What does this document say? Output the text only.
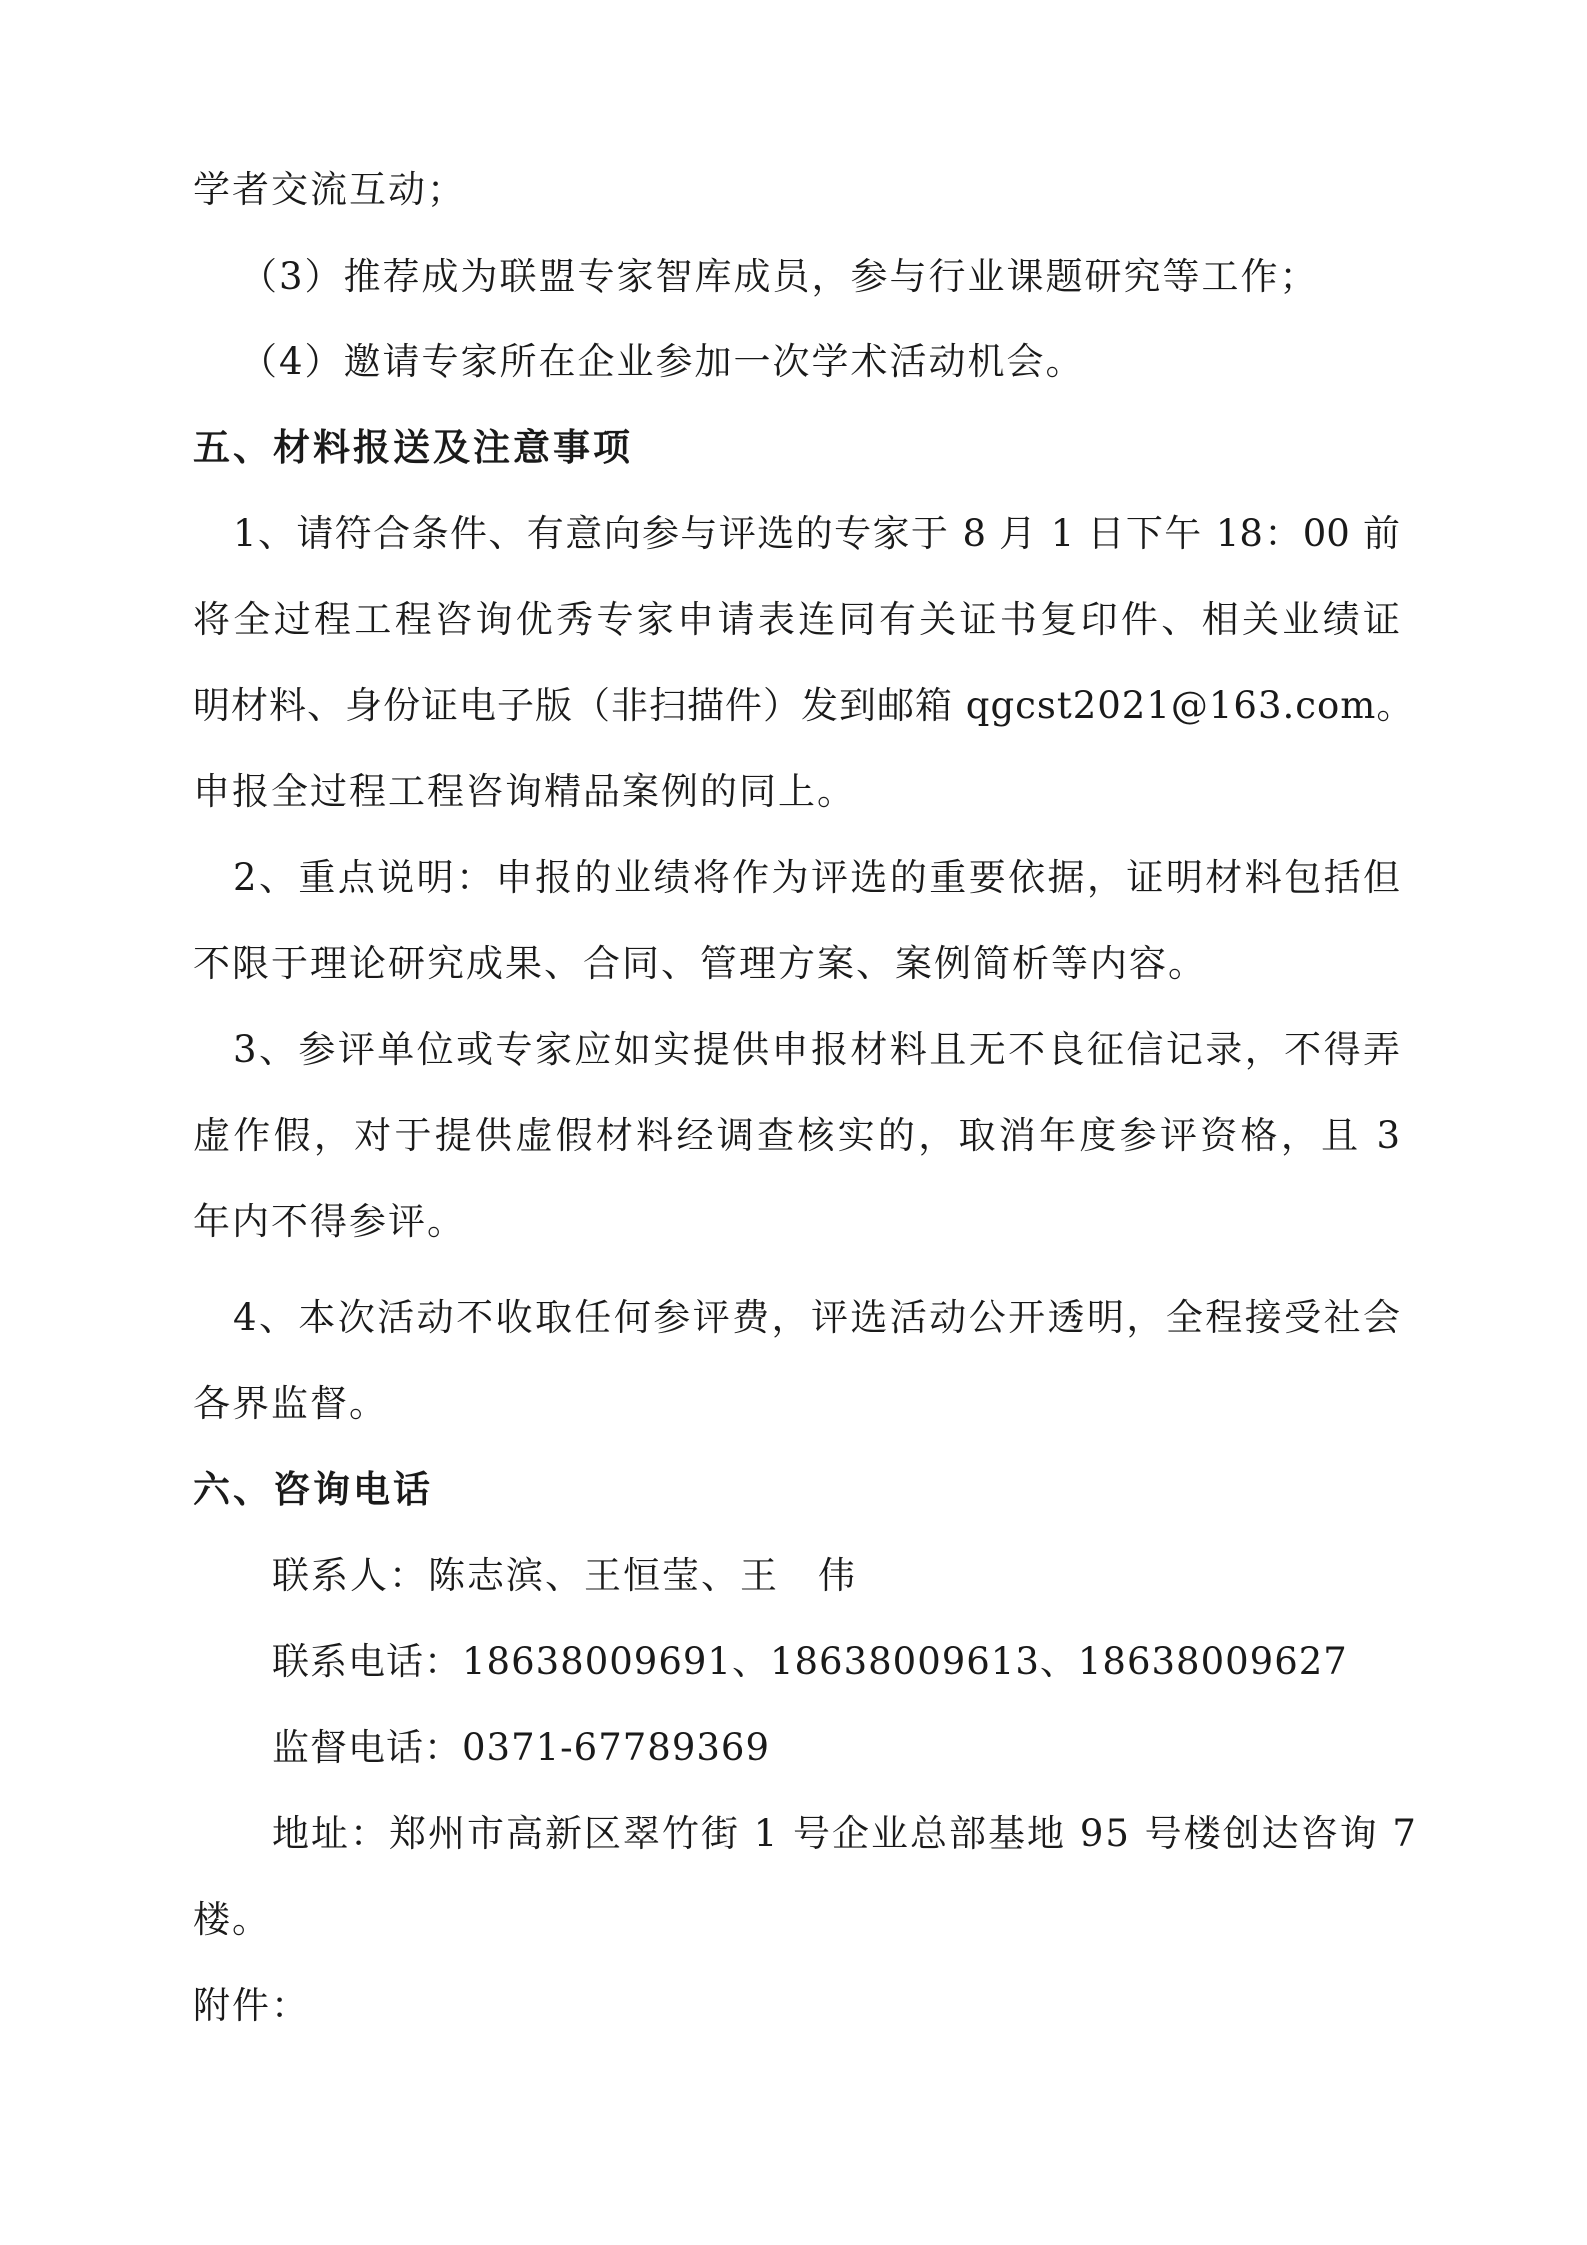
学者交流互动；
（3）推荐成为联盟专家智库成员，参与行业课题研究等工作；
（4）邀请专家所在企业参加一次学术活动机会。
五、材料报送及注意事项
1、请符合条件、有意向参与评选的专家于 8 月 1 日下午 18：00 前
将全过程工程咨询优秀专家申请表连同有关证书复印件、相关业绩证
明材料、身份证电子版（非扫描件）发到邮箱 qgcst2021@163.com。
申报全过程工程咨询精品案例的同上。
2、重点说明：申报的业绩将作为评选的重要依据，证明材料包括但
不限于理论研究成果、合同、管理方案、案例简析等内容。
3、参评单位或专家应如实提供申报材料且无不良征信记录，不得弄
虚作假，对于提供虚假材料经调查核实的，取消年度参评资格，且 3
年内不得参评。
4、本次活动不收取任何参评费，评选活动公开透明，全程接受社会
各界监督。
六、咨询电话
联系人：陈志滨、王恒莹、王　伟
联系电话：18638009691、18638009613、18638009627
监督电话：0371-67789369
地址：郑州市高新区翠竹街 1 号企业总部基地 95 号楼创达咨询 7
楼。
附件：
